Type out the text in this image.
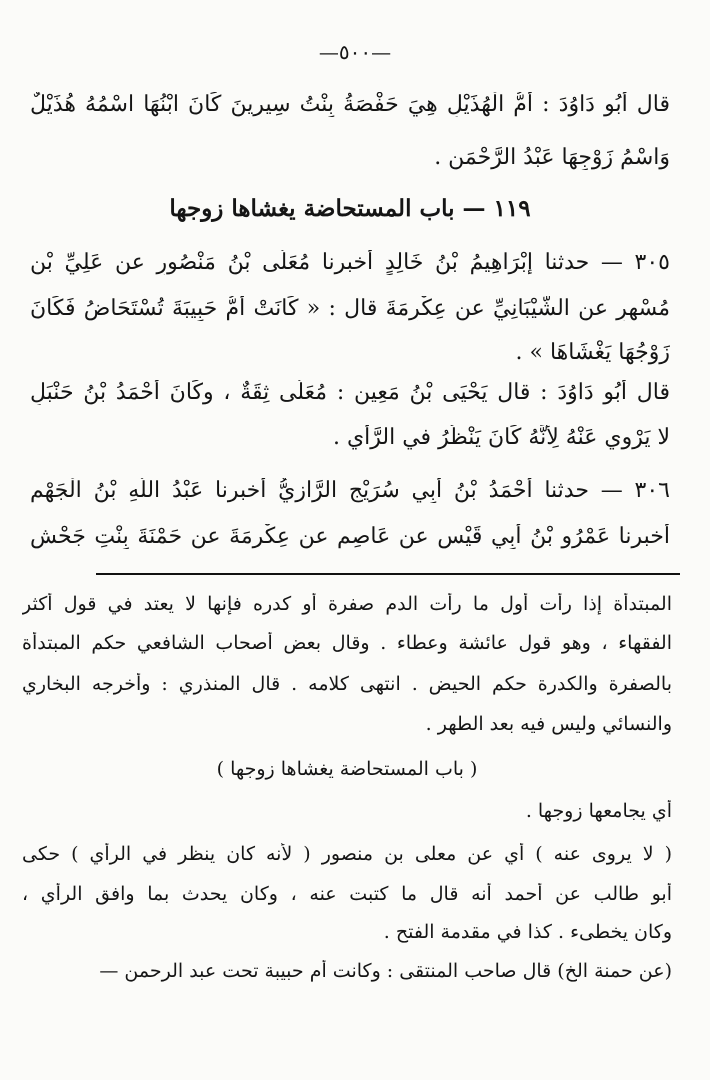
—٥٠٠—
قال أَبُو دَاوُدَ : أُمُّ الْهُذَيْلِ هِيَ حَفْصَةُ بِنْتُ سِيرِينَ كَانَ ابْنُهَا اسْمُهُ هُذَيْلٌ
وَاسْمُ زَوْجِهَا عَبْدُ الرَّحْمَنِ .
١١٩ — باب المستحاضة يغشاها زوجها
٣٠٥ — حدثنا إِبْرَاهِيمُ بْنُ خَالِدٍ أخبرنا مُعَلَّى بْنُ مَنْصُورٍ عن عَلِيِّ بْنِ
مُسْهِرٍ عن الشَّيْبَانِيِّ عن عِكْرِمَةَ قال : « كَانَتْ أُمُّ حَبِيبَةَ تُسْتَحَاضُ فَكَانَ
زَوْجُهَا يَغْشَاهَا » .
قال أَبُو دَاوُدَ : قال يَحْيَى بْنُ مَعِينٍ : مُعَلَّى ثِقَةٌ ، وكَانَ أَحْمَدُ بْنُ حَنْبَلٍ
لا يَرْوِي عَنْهُ لِأَنَّهُ كَانَ يَنْظُرُ في الرَّأْيِ .
٣٠٦ — حدثنا أَحْمَدُ بْنُ أَبِي سُرَيْجٍ الرَّازِيُّ أخبرنا عَبْدُ اللَّهِ بْنُ الْجَهْمِ
أخبرنا عَمْرُو بْنُ أَبِي قَيْسٍ عن عَاصِمٍ عن عِكْرِمَةَ عن حَمْنَةَ بِنْتِ جَحْشٍ
المبتدأة إذا رأت أول ما رأت الدم صفرة أو كدره فإنها لا يعتد في قول أكثر
الفقهاء ، وهو قول عائشة وعطاء . وقال بعض أصحاب الشافعي حكم المبتدأة
بالصفرة والكدرة حكم الحيض . انتهى كلامه . قال المنذري : وأخرجه البخاري
والنسائي وليس فيه بعد الطهر .
( باب المستحاضة يغشاها زوجها )
أي يجامعها زوجها .
( لا يروى عنه ) أي عن معلى بن منصور ( لأنه كان ينظر في الرأي ) حكى
أبو طالب عن أحمد أنه قال ما كتبت عنه ، وكان يحدث بما وافق الرأي ،
وكان يخطىء . كذا في مقدمة الفتح .
(عن حمنة الخ) قال صاحب المنتقى : وكانت أم حبيبة تحت عبد الرحمن —
